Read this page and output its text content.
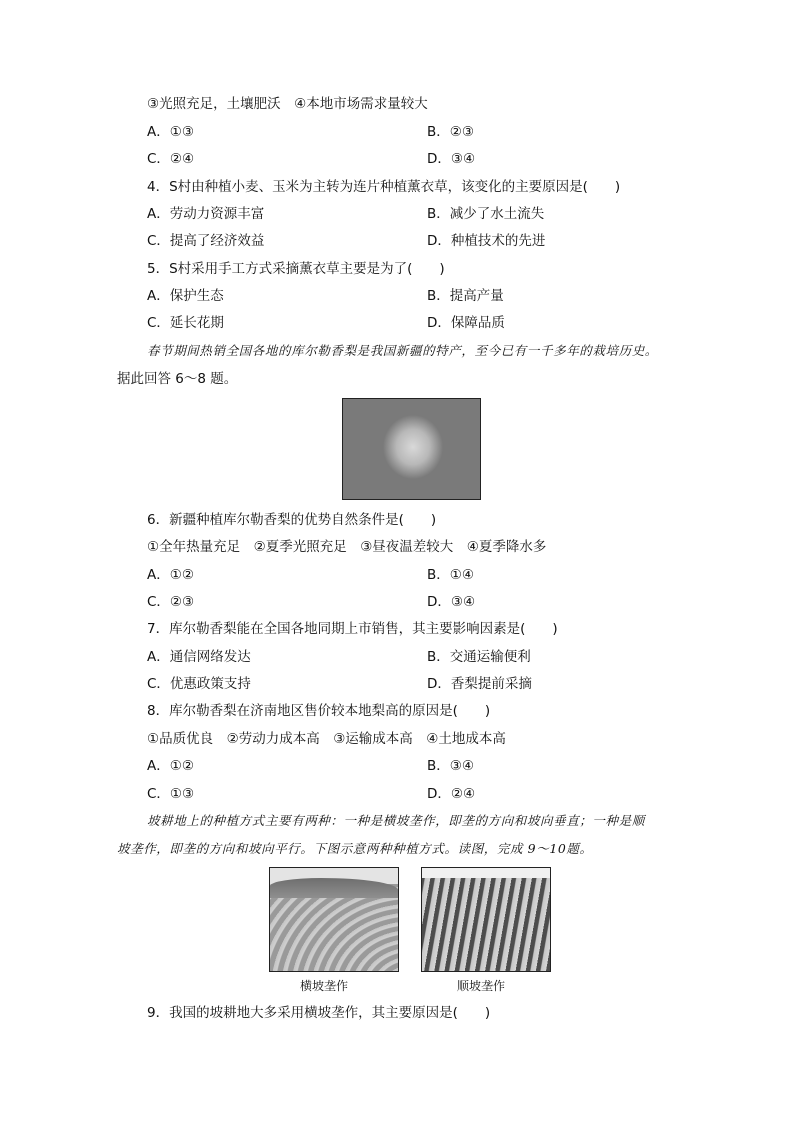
③光照充足，土壤肥沃　④本地市场需求量较大
A．①③	B．②③
C．②④	D．③④
4．S村由种植小麦、玉米为主转为连片种植薰衣草，该变化的主要原因是(　　)
A．劳动力资源丰富	B．减少了水土流失
C．提高了经济效益	D．种植技术的先进
5．S村采用手工方式采摘薰衣草主要是为了(　　)
A．保护生态	B．提高产量
C．延长花期	D．保障品质
春节期间热销全国各地的库尔勒香梨是我国新疆的特产，至今已有一千多年的栽培历史。
据此回答 6～8 题。
6．新疆种植库尔勒香梨的优势自然条件是(　　)
①全年热量充足　②夏季光照充足　③昼夜温差较大　④夏季降水多
A．①②	B．①④
C．②③	D．③④
7．库尔勒香梨能在全国各地同期上市销售，其主要影响因素是(　　)
A．通信网络发达	B．交通运输便利
C．优惠政策支持	D．香梨提前采摘
8．库尔勒香梨在济南地区售价较本地梨高的原因是(　　)
①品质优良　②劳动力成本高　③运输成本高　④土地成本高
A．①②	B．③④
C．①③	D．②④
坡耕地上的种植方式主要有两种：一种是横坡垄作，即垄的方向和坡向垂直；一种是顺
坡垄作，即垄的方向和坡向平行。下图示意两种种植方式。读图，完成 9～10题。
横坡垄作	顺坡垄作
9．我国的坡耕地大多采用横坡垄作，其主要原因是(　　)
